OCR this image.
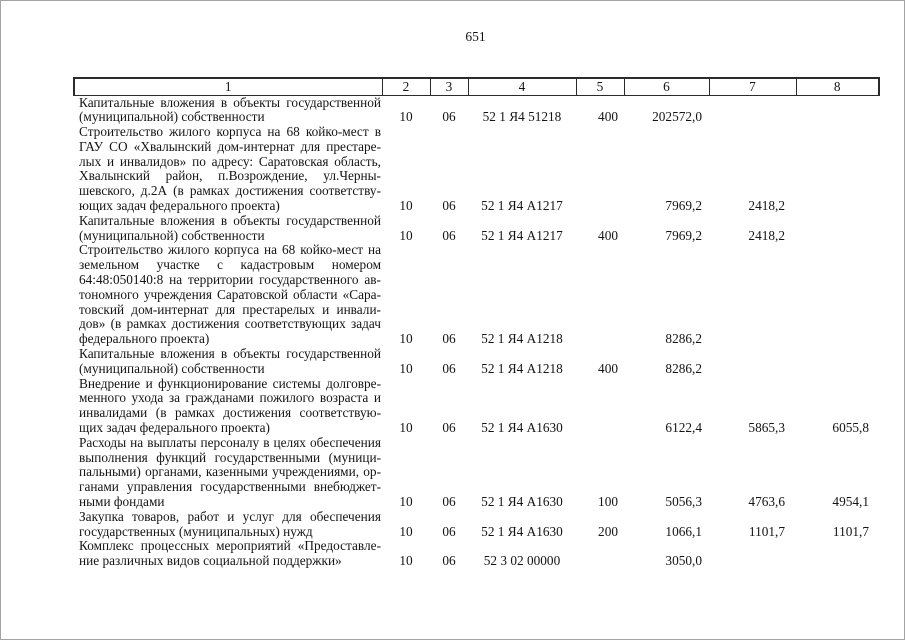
651
1	2	3	4	5	6	7	8

Капитальные вложения в объекты государственной
(муниципальной) собственности	10	06	52 1 Я4 51218	400	202572,0		

Строительство жилого корпуса на 68 койко-мест в
ГАУ СО «Хвалынский дом-интернат для престаре-
лых и инвалидов» по адресу: Саратовская область,
Хвалынский район, п.Возрождение, ул.Черны-
шевского, д.2А (в рамках достижения соответству-
ющих задач федерального проекта)	10	06	52 1 Я4 А1217		7969,2	2418,2	

Капитальные вложения в объекты государственной
(муниципальной) собственности	10	06	52 1 Я4 А1217	400	7969,2	2418,2	

Строительство жилого корпуса на 68 койко-мест на
земельном участке с кадастровым номером
64:48:050140:8 на территории государственного ав-
тономного учреждения Саратовской области «Сара-
товский дом-интернат для престарелых и инвали-
дов» (в рамках достижения соответствующих задач
федерального проекта)	10	06	52 1 Я4 А1218		8286,2		

Капитальные вложения в объекты государственной
(муниципальной) собственности	10	06	52 1 Я4 А1218	400	8286,2		

Внедрение и функционирование системы долговре-
менного ухода за гражданами пожилого возраста и
инвалидами (в рамках достижения соответствую-
щих задач федерального проекта)	10	06	52 1 Я4 А1630		6122,4	5865,3	6055,8

Расходы на выплаты персоналу в целях обеспечения
выполнения функций государственными (муници-
пальными) органами, казенными учреждениями, ор-
ганами управления государственными внебюджет-
ными фондами	10	06	52 1 Я4 А1630	100	5056,3	4763,6	4954,1

Закупка товаров, работ и услуг для обеспечения
государственных (муниципальных) нужд	10	06	52 1 Я4 А1630	200	1066,1	1101,7	1101,7

Комплекс процессных мероприятий «Предоставле-
ние различных видов социальной поддержки»	10	06	52 3 02 00000		3050,0		
